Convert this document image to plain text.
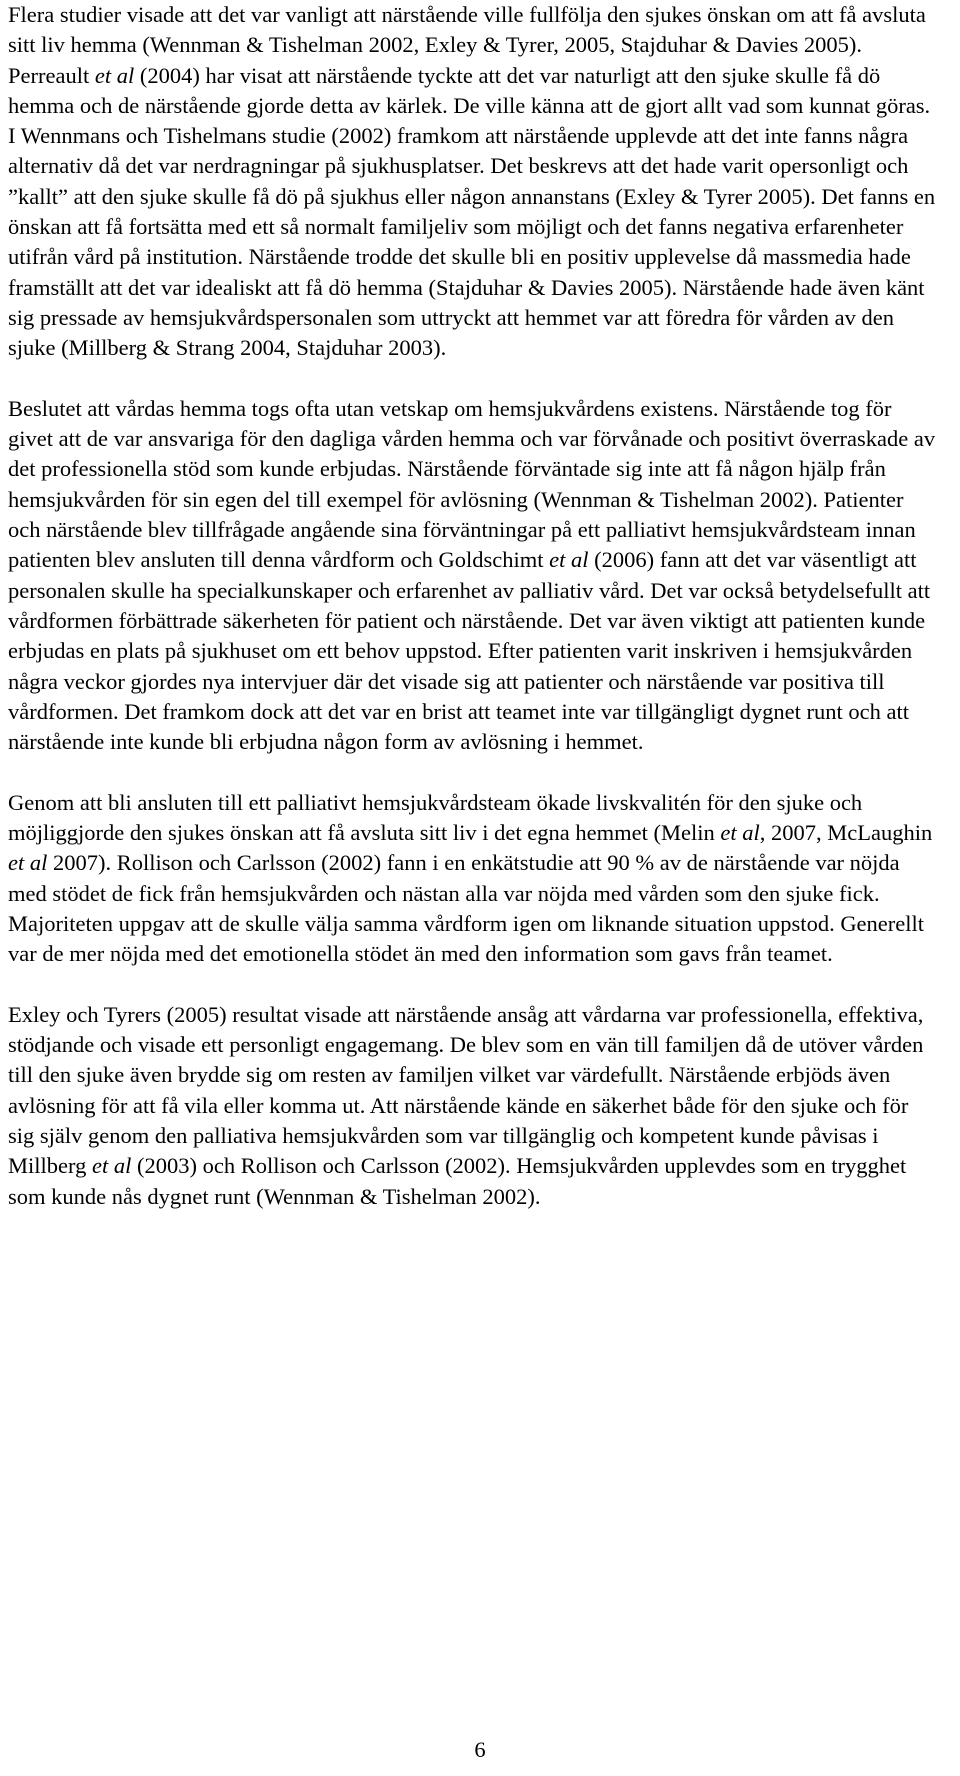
Flera studier visade att det var vanligt att närstående ville fullfölja den sjukes önskan om att få avsluta sitt liv hemma (Wennman & Tishelman 2002, Exley & Tyrer, 2005, Stajduhar & Davies 2005). Perreault et al (2004) har visat att närstående tyckte att det var naturligt att den sjuke skulle få dö hemma och de närstående gjorde detta av kärlek. De ville känna att de gjort allt vad som kunnat göras. I Wennmans och Tishelmans studie (2002) framkom att närstående upplevde att det inte fanns några alternativ då det var nerdragningar på sjukhusplatser. Det beskrevs att det hade varit opersonligt och ”kallt” att den sjuke skulle få dö på sjukhus eller någon annanstans (Exley & Tyrer 2005). Det fanns en önskan att få fortsätta med ett så normalt familjeliv som möjligt och det fanns negativa erfarenheter utifrån vård på institution. Närstående trodde det skulle bli en positiv upplevelse då massmedia hade framställt att det var idealiskt att få dö hemma (Stajduhar & Davies 2005). Närstående hade även känt sig pressade av hemsjukvårdspersonalen som uttryckt att hemmet var att föredra för vården av den sjuke (Millberg & Strang 2004, Stajduhar 2003).

Beslutet att vårdas hemma togs ofta utan vetskap om hemsjukvårdens existens. Närstående tog för givet att de var ansvariga för den dagliga vården hemma och var förvånade och positivt överraskade av det professionella stöd som kunde erbjudas. Närstående förväntade sig inte att få någon hjälp från hemsjukvården för sin egen del till exempel för avlösning (Wennman & Tishelman 2002). Patienter och närstående blev tillfrågade angående sina förväntningar på ett palliativt hemsjukvårdsteam innan patienten blev ansluten till denna vårdform och Goldschimt et al (2006) fann att det var väsentligt att personalen skulle ha specialkunskaper och erfarenhet av palliativ vård. Det var också betydelsefullt att vårdformen förbättrade säkerheten för patient och närstående. Det var även viktigt att patienten kunde erbjudas en plats på sjukhuset om ett behov uppstod. Efter patienten varit inskriven i hemsjukvården några veckor gjordes nya intervjuer där det visade sig att patienter och närstående var positiva till vårdformen. Det framkom dock att det var en brist att teamet inte var tillgängligt dygnet runt och att närstående inte kunde bli erbjudna någon form av avlösning i hemmet.

Genom att bli ansluten till ett palliativt hemsjukvårdsteam ökade livskvalitén för den sjuke och möjliggjorde den sjukes önskan att få avsluta sitt liv i det egna hemmet (Melin et al, 2007, McLaughin et al 2007). Rollison och Carlsson (2002) fann i en enkätstudie att 90 % av de närstående var nöjda med stödet de fick från hemsjukvården och nästan alla var nöjda med vården som den sjuke fick. Majoriteten uppgav att de skulle välja samma vårdform igen om liknande situation uppstod. Generellt var de mer nöjda med det emotionella stödet än med den information som gavs från teamet.

Exley och Tyrers (2005) resultat visade att närstående ansåg att vårdarna var professionella, effektiva, stödjande och visade ett personligt engagemang. De blev som en vän till familjen då de utöver vården till den sjuke även brydde sig om resten av familjen vilket var värdefullt. Närstående erbjöds även avlösning för att få vila eller komma ut. Att närstående kände en säkerhet både för den sjuke och för sig själv genom den palliativa hemsjukvården som var tillgänglig och kompetent kunde påvisas i Millberg et al (2003) och Rollison och Carlsson (2002). Hemsjukvården upplevdes som en trygghet som kunde nås dygnet runt (Wennman & Tishelman 2002).

6
